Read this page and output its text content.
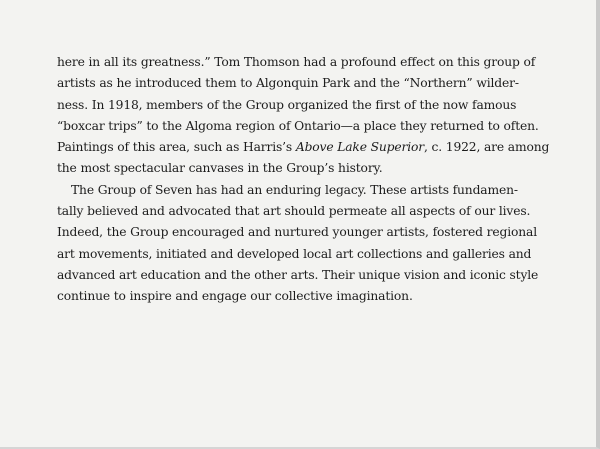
here in all its greatness.” Tom Thomson had a profound effect on this group of
artists as he introduced them to Algonquin Park and the “Northern” wilder-
ness. In 1918, members of the Group organized the first of the now famous
“boxcar trips” to the Algoma region of Ontario—a place they returned to often.
Paintings of this area, such as Harris’s Above Lake Superior, c. 1922, are among
the most spectacular canvases in the Group’s history.
The Group of Seven has had an enduring legacy. These artists fundamen-
tally believed and advocated that art should permeate all aspects of our lives.
Indeed, the Group encouraged and nurtured younger artists, fostered regional
art movements, initiated and developed local art collections and galleries and
advanced art education and the other arts. Their unique vision and iconic style
continue to inspire and engage our collective imagination.
